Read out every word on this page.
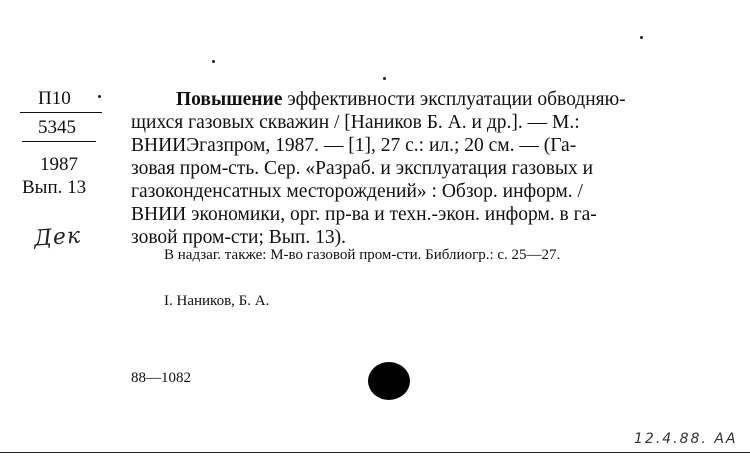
П10
5345
1987
Вып. 13
Дек
Повышение эффективности эксплуатации обводняю-
щихся газовых скважин / [Наников Б. А. и др.]. — М.:
ВНИИЭгазпром, 1987. — [1], 27 с.: ил.; 20 см. — (Га-
зовая пром-сть. Сер. «Разраб. и эксплуатация газовых и
газоконденсатных месторождений» : Обзор. информ. /
ВНИИ экономики, орг. пр-ва и техн.-экон. информ. в га-
зовой пром-сти; Вып. 13).
В надзаг. также: М-во газовой пром-сти. Библиогр.: с. 25—27.
I. Наников, Б. А.
88—1082
12.4.88. АА
